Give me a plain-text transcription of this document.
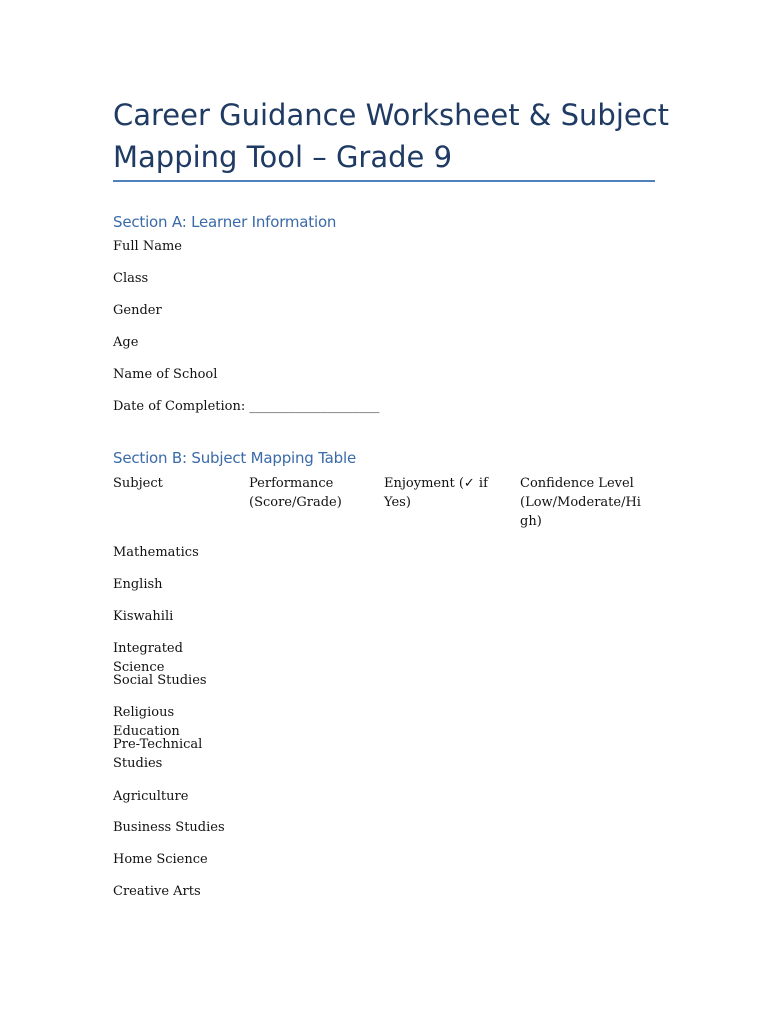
Career Guidance Worksheet & Subject Mapping Tool – Grade 9
Section A: Learner Information
Full Name
Class
Gender
Age
Name of School
Date of Completion: ____________________
Section B: Subject Mapping Table
Subject	Performance (Score/Grade)
Enjoyment (✓ if Yes)
Confidence Level (Low/Moderate/High)
Mathematics
English
Kiswahili
Integrated Science
Social Studies
Religious Education
Pre-Technical Studies
Agriculture
Business Studies
Home Science
Creative Arts
